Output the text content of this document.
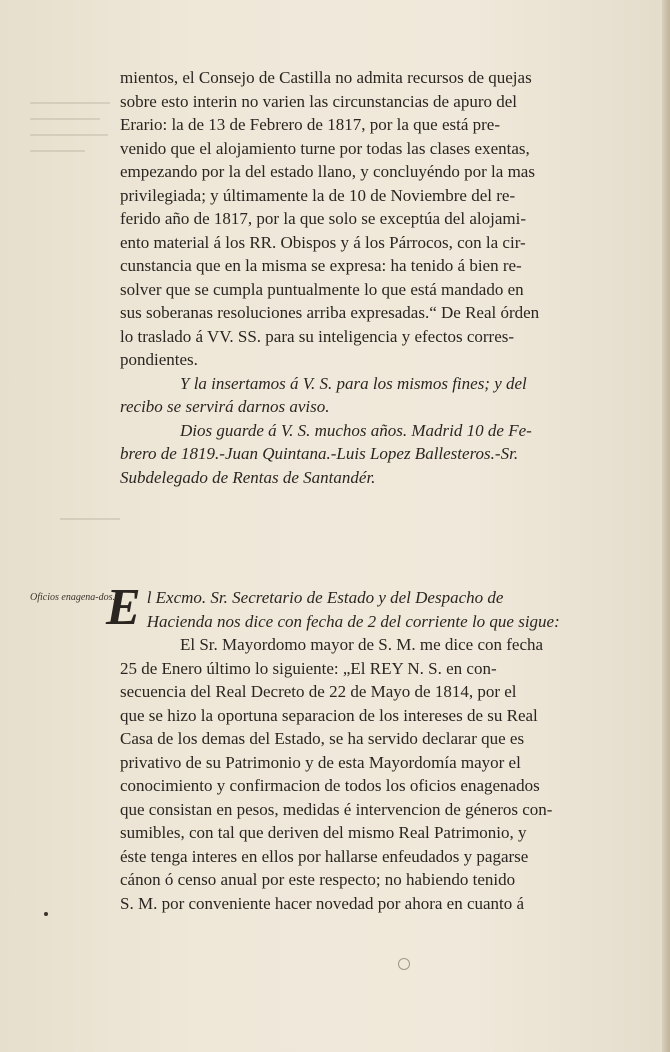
mientos, el Consejo de Castilla no admita recursos de quejas

sobre esto interin no varien las circunstancias de apuro del

Erario: la de 13 de Febrero de 1817, por la que está pre-

venido que el alojamiento turne por todas las clases exentas,

empezando por la del estado llano, y concluyéndo por la mas

privilegiada; y últimamente la de 10 de Noviembre del re-

ferido año de 1817, por la que solo se exceptúa del alojami-

ento material á los RR. Obispos y á los Párrocos, con la cir-

cunstancia que en la misma se expresa: ha tenido á bien re-

solver que se cumpla puntualmente lo que está mandado en

sus soberanas resoluciones arriba expresadas.“ De Real órden

lo traslado á VV. SS. para su inteligencia y efectos corres-

pondientes.

Y la insertamos á V. S. para los mismos fines; y del

recibo se servirá darnos aviso.

Dios guarde á V. S. muchos años. Madrid 10 de Fe-

brero de 1819.-Juan Quintana.-Luis Lopez Ballesteros.-Sr.

Subdelegado de Rentas de Santandér.

Oficios enagena-dos.
E l Excmo. Sr. Secretario de Estado y del Despacho de

Hacienda nos dice con fecha de 2 del corriente lo que sigue:

El Sr. Mayordomo mayor de S. M. me dice con fecha

25 de Enero último lo siguiente: „El REY N. S. en con-

secuencia del Real Decreto de 22 de Mayo de 1814, por el

que se hizo la oportuna separacion de los intereses de su Real

Casa de los demas del Estado, se ha servido declarar que es

privativo de su Patrimonio y de esta Mayordomía mayor el

conocimiento y confirmacion de todos los oficios enagenados

que consistan en pesos, medidas é intervencion de géneros con-

sumibles, con tal que deriven del mismo Real Patrimonio, y

éste tenga interes en ellos por hallarse enfeudados y pagarse

cánon ó censo anual por este respecto; no habiendo tenido

S. M. por conveniente hacer novedad por ahora en cuanto á
